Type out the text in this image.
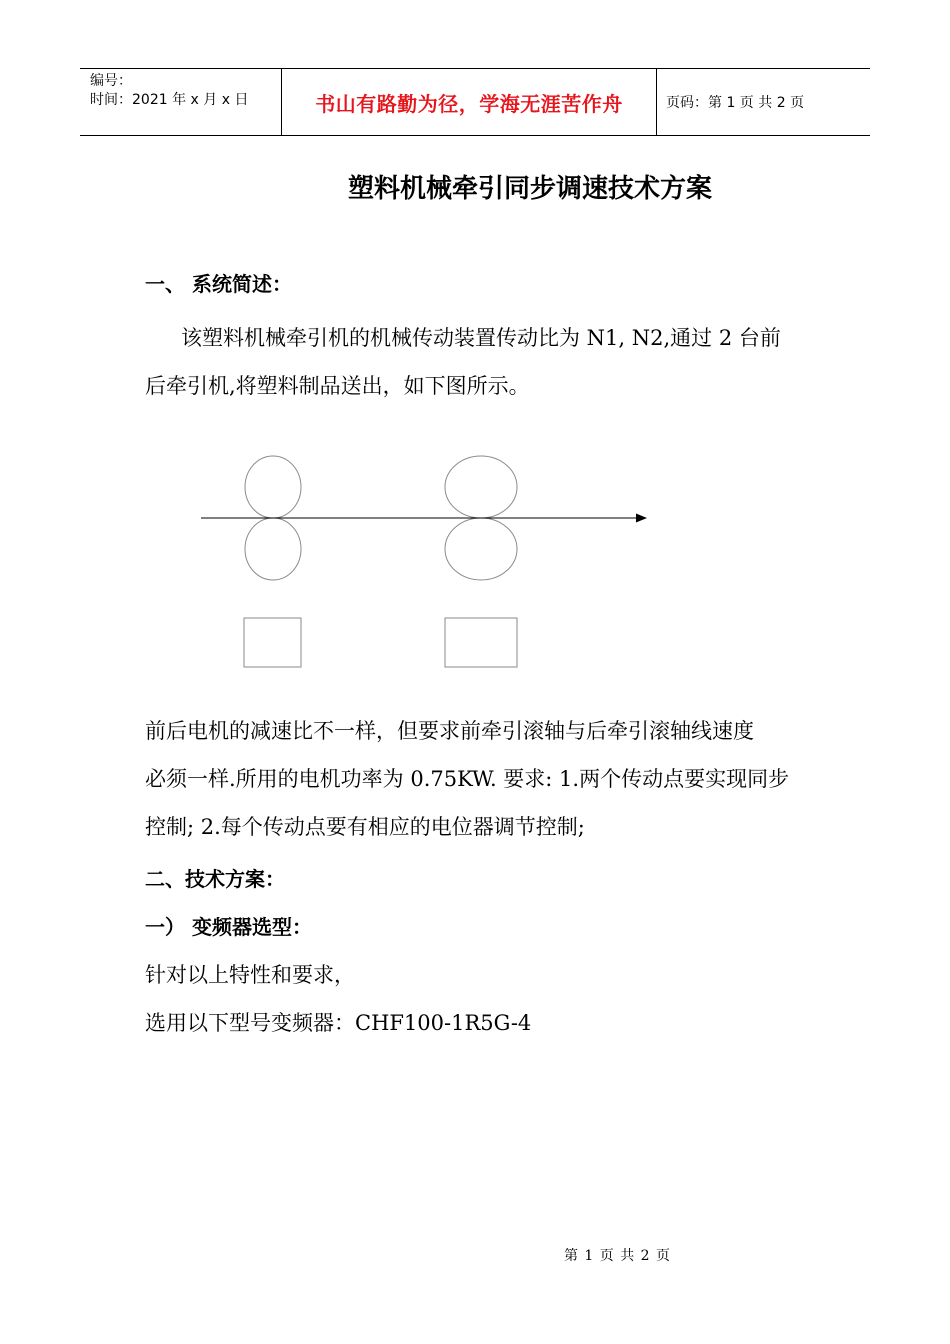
编号：
时间：2021 年 x 月 x 日	书山有路勤为径，学海无涯苦作舟	页码：第 1 页 共 2 页
塑料机械牵引同步调速技术方案
一、 系统简述：
该塑料机械牵引机的机械传动装置传动比为 N1, N2,通过 2 台前
后牵引机,将塑料制品送出，如下图所示。
前后电机的减速比不一样，但要求前牵引滚轴与后牵引滚轴线速度
必须一样.所用的电机功率为 0.75KW. 要求: 1.两个传动点要实现同步
控制; 2.每个传动点要有相应的电位器调节控制;
二、技术方案：
一） 变频器选型：
针对以上特性和要求，
选用以下型号变频器：CHF100-1R5G-4
第 1 页 共 2 页
